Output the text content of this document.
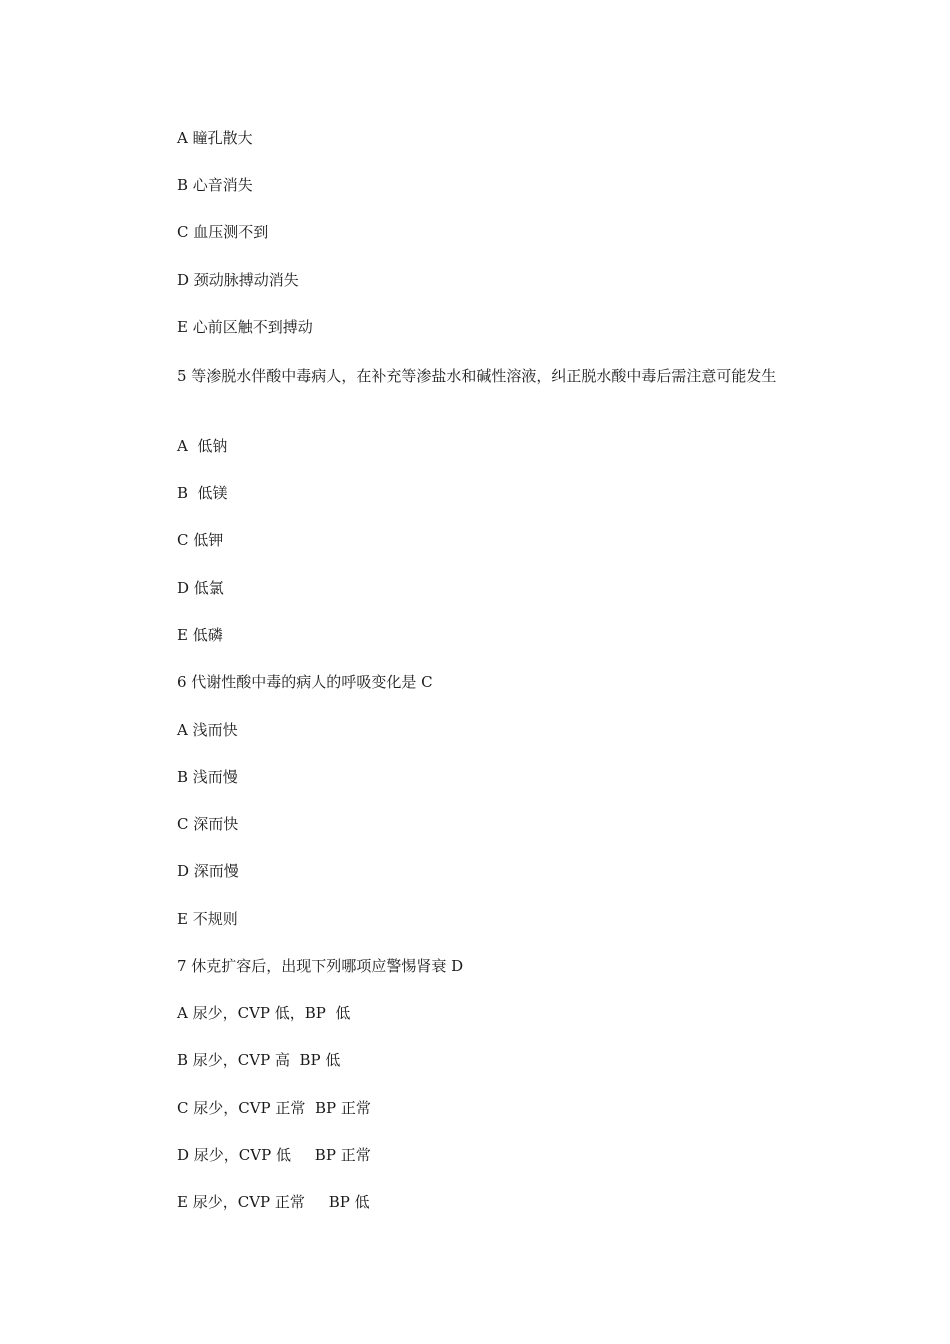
A 瞳孔散大
B 心音消失
C 血压测不到
D 颈动脉搏动消失
E 心前区触不到搏动
5 等渗脱水伴酸中毒病人，在补充等渗盐水和碱性溶液，纠正脱水酸中毒后需注意可能发生
A  低钠
B  低镁
C 低钾
D 低氯
E 低磷
6 代谢性酸中毒的病人的呼吸变化是 C
A 浅而快
B 浅而慢
C 深而快
D 深而慢
E 不规则
7 休克扩容后，出现下列哪项应警惕肾衰 D
A 尿少，CVP 低，BP  低
B 尿少，CVP 高  BP 低
C 尿少，CVP 正常  BP 正常
D 尿少，CVP 低     BP 正常
E 尿少，CVP 正常     BP 低
